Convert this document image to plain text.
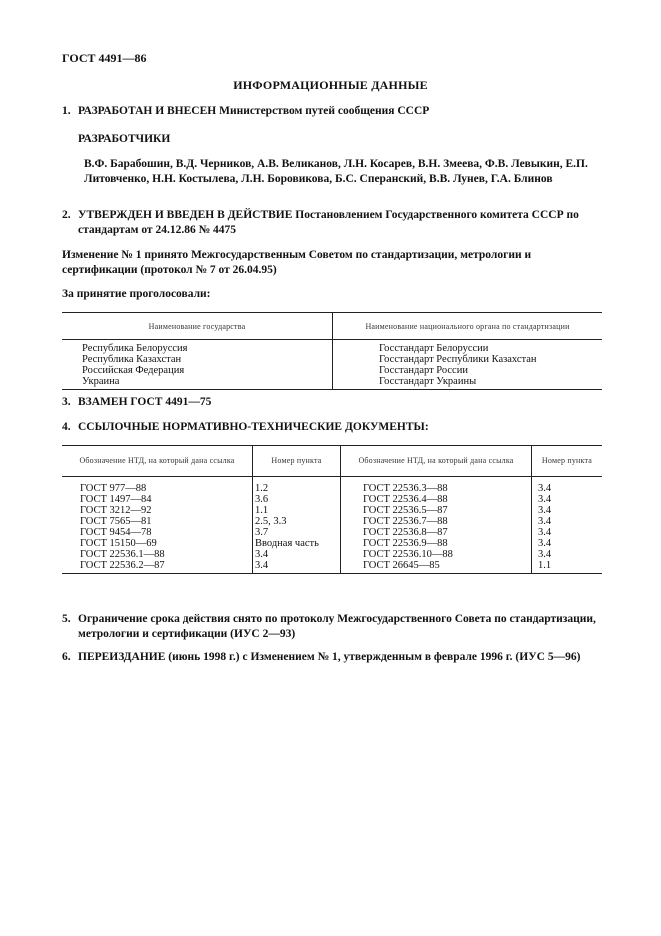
ГОСТ 4491—86
ИНФОРМАЦИОННЫЕ ДАННЫЕ
1. РАЗРАБОТАН И ВНЕСЕН Министерством путей сообщения СССР
РАЗРАБОТЧИКИ
В.Ф. Барабошин, В.Д. Черников, А.В. Великанов, Л.Н. Косарев, В.Н. Змеева, Ф.В. Левыкин, Е.П. Литовченко, Н.Н. Костылева, Л.Н. Боровикова, Б.С. Сперанский, В.В. Лунев, Г.А. Блинов
2. УТВЕРЖДЕН И ВВЕДЕН В ДЕЙСТВИЕ Постановлением Государственного комитета СССР по стандартам от 24.12.86 № 4475
Изменение № 1 принято Межгосударственным Советом по стандартизации, метрологии и сертификации (протокол № 7 от 26.04.95)
За принятие проголосовали:
Наименование государства	Наименование национального органа по стандартизации
Республика Белоруссия	Госстандарт Белоруссии
Республика Казахстан	Госстандарт Республики Казахстан
Российская Федерация	Госстандарт России
Украина	Госстандарт Украины
3. ВЗАМЕН ГОСТ 4491—75
4. ССЫЛОЧНЫЕ НОРМАТИВНО-ТЕХНИЧЕСКИЕ ДОКУМЕНТЫ:
Обозначение НТД, на который дана ссылка	Номер пункта	Обозначение НТД, на который дана ссылка	Номер пункта
ГОСТ 977—88	1.2	ГОСТ 22536.3—88	3.4
ГОСТ 1497—84	3.6	ГОСТ 22536.4—88	3.4
ГОСТ 3212—92	1.1	ГОСТ 22536.5—87	3.4
ГОСТ 7565—81	2.5, 3.3	ГОСТ 22536.7—88	3.4
ГОСТ 9454—78	3.7	ГОСТ 22536.8—87	3.4
ГОСТ 15150—69	Вводная часть	ГОСТ 22536.9—88	3.4
ГОСТ 22536.1—88	3.4	ГОСТ 22536.10—88	3.4
ГОСТ 22536.2—87	3.4	ГОСТ 26645—85	1.1
5. Ограничение срока действия снято по протоколу Межгосударственного Совета по стандартизации, метрологии и сертификации (ИУС 2—93)
6. ПЕРЕИЗДАНИЕ (июнь 1998 г.) с Изменением № 1, утвержденным в феврале 1996 г. (ИУС 5—96)
